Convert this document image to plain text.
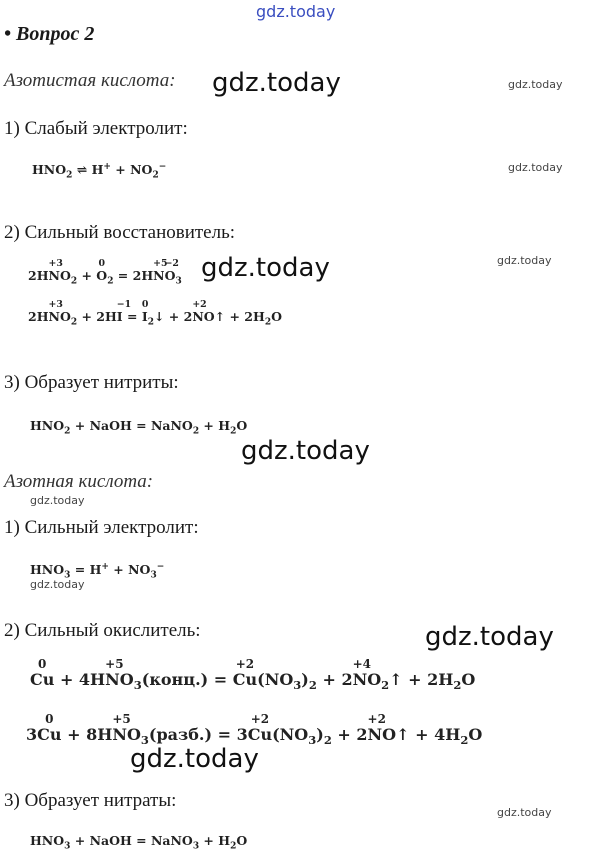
gdz.today
gdz.today	gdz.today
gdz.today
gdz.today	gdz.today
gdz.today
gdz.today
gdz.today
gdz.today
gdz.today
gdz.today
• Вопрос 2
Азотистая кислота:
1) Слабый электролит:
$HNO_2$ ⇌ $H^+ + NO_2^-$
2) Сильный восстановитель:
2H
+3
$NO_2$ +
0
$O_2 = 2H$
+5
N
−2
$O_3$
2H
+3
$NO_2 + 2H$
−1
I =
0
$I_2↓ + 2$
+2
NO↑ + $2H_2O$
3) Образует нитриты:
$HNO_2$ + NaOH = NaNO$_2$ + $H_2O$
Азотная кислота:
1) Сильный электролит:
$HNO_3 = H^+ + NO_3^-$
2) Сильный окислитель:
0
Cu + 4H
+5
$NO_3(конц.)$ =
+2
$Cu(NO_3)_2 + 2$
+4
$NO_2↑ + 2H_2O$
3
0
Cu + 8H
+5
$NO_3(разб.) = 3$
+2
$Cu(NO_3)_2 + 2$
+2
NO↑ + $4H_2O$
3) Образует нитраты:
$HNO_3$ + NaOH = NaNO$_3$ + $H_2O$
